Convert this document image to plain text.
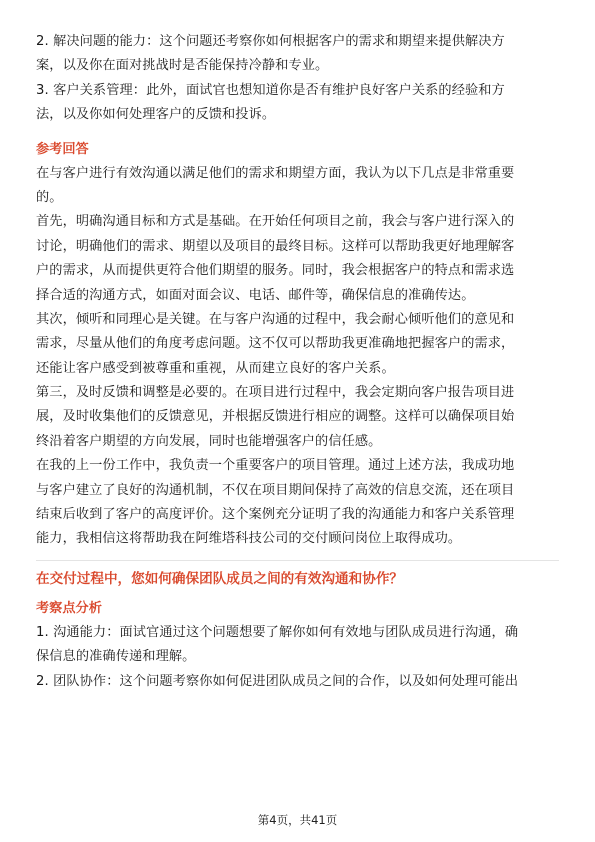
2. 解决问题的能力：这个问题还考察你如何根据客户的需求和期望来提供解决方
案，以及你在面对挑战时是否能保持冷静和专业。
3. 客户关系管理：此外，面试官也想知道你是否有维护良好客户关系的经验和方
法，以及你如何处理客户的反馈和投诉。
参考回答
在与客户进行有效沟通以满足他们的需求和期望方面，我认为以下几点是非常重要
的。
首先，明确沟通目标和方式是基础。在开始任何项目之前，我会与客户进行深入的
讨论，明确他们的需求、期望以及项目的最终目标。这样可以帮助我更好地理解客
户的需求，从而提供更符合他们期望的服务。同时，我会根据客户的特点和需求选
择合适的沟通方式，如面对面会议、电话、邮件等，确保信息的准确传达。
其次，倾听和同理心是关键。在与客户沟通的过程中，我会耐心倾听他们的意见和
需求，尽量从他们的角度考虑问题。这不仅可以帮助我更准确地把握客户的需求，
还能让客户感受到被尊重和重视，从而建立良好的客户关系。
第三，及时反馈和调整是必要的。在项目进行过程中，我会定期向客户报告项目进
展，及时收集他们的反馈意见，并根据反馈进行相应的调整。这样可以确保项目始
终沿着客户期望的方向发展，同时也能增强客户的信任感。
在我的上一份工作中，我负责一个重要客户的项目管理。通过上述方法，我成功地
与客户建立了良好的沟通机制，不仅在项目期间保持了高效的信息交流，还在项目
结束后收到了客户的高度评价。这个案例充分证明了我的沟通能力和客户关系管理
能力，我相信这将帮助我在阿维塔科技公司的交付顾问岗位上取得成功。
在交付过程中，您如何确保团队成员之间的有效沟通和协作？
考察点分析
1. 沟通能力：面试官通过这个问题想要了解你如何有效地与团队成员进行沟通，确
保信息的准确传递和理解。
2. 团队协作：这个问题考察你如何促进团队成员之间的合作，以及如何处理可能出
第4页，共41页
